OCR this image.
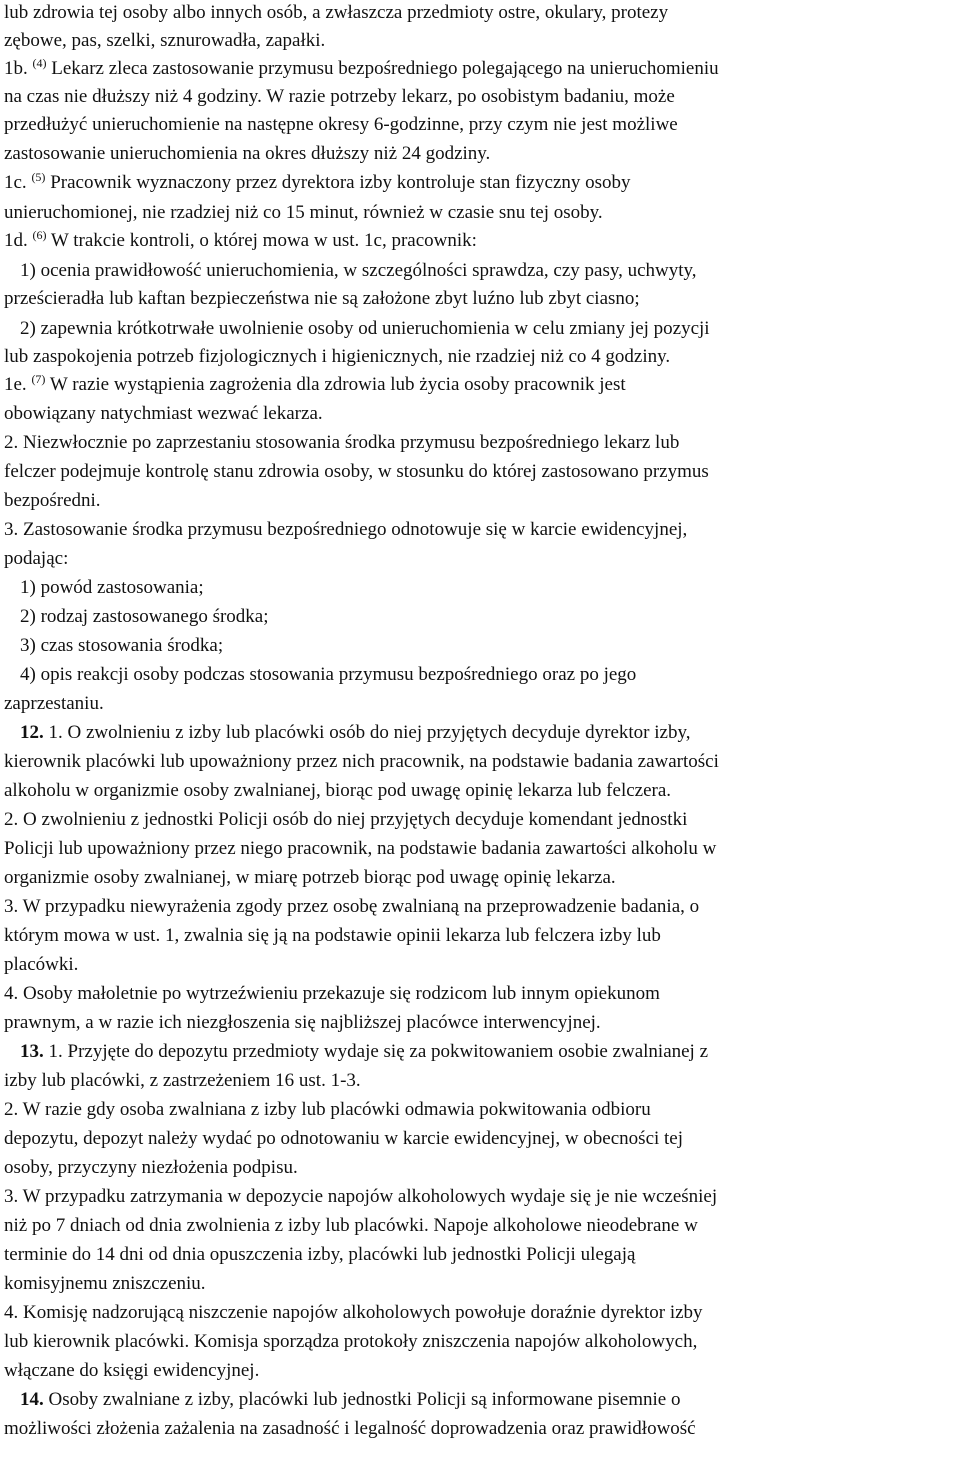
lub zdrowia tej osoby albo innych osób, a zwłaszcza przedmioty ostre, okulary, protezy
zębowe, pas, szelki, sznurowadła, zapałki.
1b. $^{(4)}$ Lekarz zleca zastosowanie przymusu bezpośredniego polegającego na unieruchomieniu
na czas nie dłuższy niż 4 godziny. W razie potrzeby lekarz, po osobistym badaniu, może
przedłużyć unieruchomienie na następne okresy 6-godzinne, przy czym nie jest możliwe
zastosowanie unieruchomienia na okres dłuższy niż 24 godziny.
1c. $^{(5)}$ Pracownik wyznaczony przez dyrektora izby kontroluje stan fizyczny osoby
unieruchomionej, nie rzadziej niż co 15 minut, również w czasie snu tej osoby.
1d. $^{(6)}$ W trakcie kontroli, o której mowa w ust. 1c, pracownik:
1) ocenia prawidłowość unieruchomienia, w szczególności sprawdza, czy pasy, uchwyty,
prześcieradła lub kaftan bezpieczeństwa nie są założone zbyt luźno lub zbyt ciasno;
2) zapewnia krótkotrwałe uwolnienie osoby od unieruchomienia w celu zmiany jej pozycji
lub zaspokojenia potrzeb fizjologicznych i higienicznych, nie rzadziej niż co 4 godziny.
1e. $^{(7)}$ W razie wystąpienia zagrożenia dla zdrowia lub życia osoby pracownik jest
obowiązany natychmiast wezwać lekarza.
2. Niezwłocznie po zaprzestaniu stosowania środka przymusu bezpośredniego lekarz lub
felczer podejmuje kontrolę stanu zdrowia osoby, w stosunku do której zastosowano przymus
bezpośredni.
3. Zastosowanie środka przymusu bezpośredniego odnotowuje się w karcie ewidencyjnej,
podając:
1) powód zastosowania;
2) rodzaj zastosowanego środka;
3) czas stosowania środka;
4) opis reakcji osoby podczas stosowania przymusu bezpośredniego oraz po jego
zaprzestaniu.
12. 1. O zwolnieniu z izby lub placówki osób do niej przyjętych decyduje dyrektor izby,
kierownik placówki lub upoważniony przez nich pracownik, na podstawie badania zawartości
alkoholu w organizmie osoby zwalnianej, biorąc pod uwagę opinię lekarza lub felczera.
2. O zwolnieniu z jednostki Policji osób do niej przyjętych decyduje komendant jednostki
Policji lub upoważniony przez niego pracownik, na podstawie badania zawartości alkoholu w
organizmie osoby zwalnianej, w miarę potrzeb biorąc pod uwagę opinię lekarza.
3. W przypadku niewyrażenia zgody przez osobę zwalnianą na przeprowadzenie badania, o
którym mowa w ust. 1, zwalnia się ją na podstawie opinii lekarza lub felczera izby lub
placówki.
4. Osoby małoletnie po wytrzeźwieniu przekazuje się rodzicom lub innym opiekunom
prawnym, a w razie ich niezgłoszenia się najbliższej placówce interwencyjnej.
13. 1. Przyjęte do depozytu przedmioty wydaje się za pokwitowaniem osobie zwalnianej z
izby lub placówki, z zastrzeżeniem 16 ust. 1-3.
2. W razie gdy osoba zwalniana z izby lub placówki odmawia pokwitowania odbioru
depozytu, depozyt należy wydać po odnotowaniu w karcie ewidencyjnej, w obecności tej
osoby, przyczyny niezłożenia podpisu.
3. W przypadku zatrzymania w depozycie napojów alkoholowych wydaje się je nie wcześniej
niż po 7 dniach od dnia zwolnienia z izby lub placówki. Napoje alkoholowe nieodebrane w
terminie do 14 dni od dnia opuszczenia izby, placówki lub jednostki Policji ulegają
komisyjnemu zniszczeniu.
4. Komisję nadzorującą niszczenie napojów alkoholowych powołuje doraźnie dyrektor izby
lub kierownik placówki. Komisja sporządza protokoły zniszczenia napojów alkoholowych,
włączane do księgi ewidencyjnej.
14. Osoby zwalniane z izby, placówki lub jednostki Policji są informowane pisemnie o
możliwości złożenia zażalenia na zasadność i legalność doprowadzenia oraz prawidłowość
